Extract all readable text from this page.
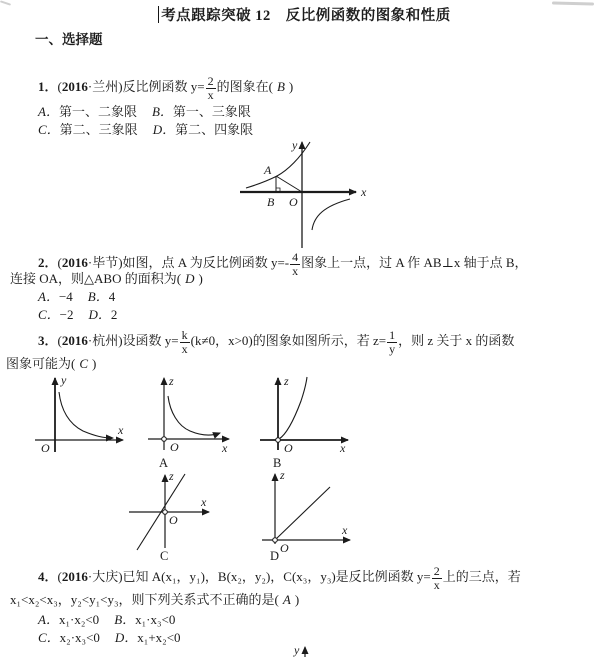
考点跟踪突破 12　反比例函数的图象和性质
一、选择题
1． ( 2016 ·兰州) 反比例函数 $y= \frac{2}{x}$ 的图象在( B )
A．第一、二象限 B．第一、三象限
C．第二、三象限 D．第二、四象限
y
x
A
B O
2． ( 2016 ·毕节) 如图，点 A 为反比例函数 $y=- \frac{4}{x}$ 图象上一点，过 A 作 AB⊥x 轴于点 B，
连接 OA，则△ABO 的面积为( D )
A．−4 B．4
C．−2 D．2
3． ( 2016 ·杭州) 设函数 $y= \frac{k}{x} (k\ne 0$，x>0)的图象如图所示，若 $z= \frac{1}{y}$ ，则 z 关于 x 的函数
图象可能为( C )
y
x
O
z
x
O
A
z
x
O
B
z
x
O
C
z
x
O
D
4． ( 2016 ·大庆) 已知 A(x₁，y₁)，B(x₂，y₂)，C(x₃，y₃)是反比例函数 $y= \frac{2}{x}$ 上的三点，若
x₁<x₂<x₃，y₂<y₁<y₃，则下列关系式不正确的是( A )
A．x₁·x₂<0 B．x₁·x₃<0
C．x₂·x₃<0 D．x₁+x₂<0
y
